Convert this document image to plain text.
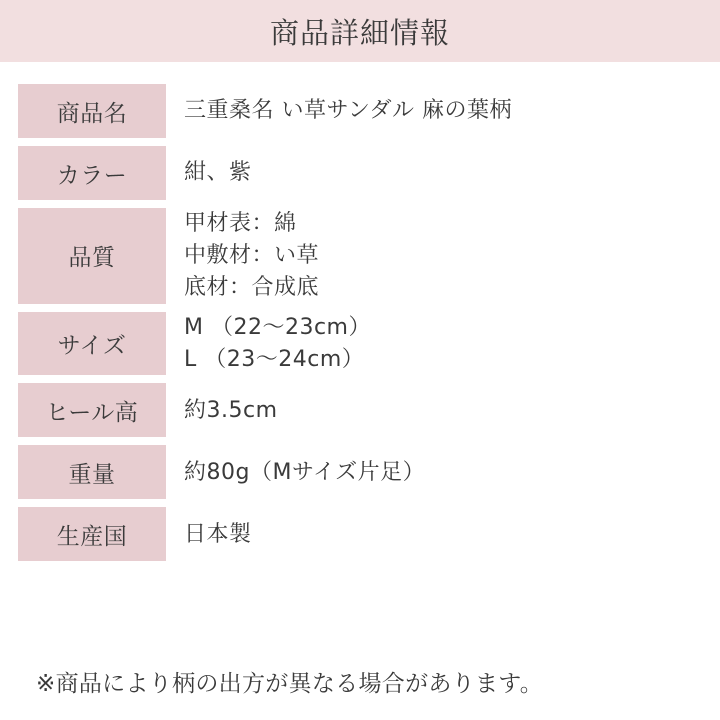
商品詳細情報
商品名	三重桑名 い草サンダル 麻の葉柄

カラー	紺、紫

品質	甲材表：綿
中敷材：い草
底材：合成底

サイズ	M （22〜23cm）
L （23〜24cm）

ヒール高	約3.5cm

重量	約80g（Mサイズ片足）

生産国	日本製
※商品により柄の出方が異なる場合があります。
